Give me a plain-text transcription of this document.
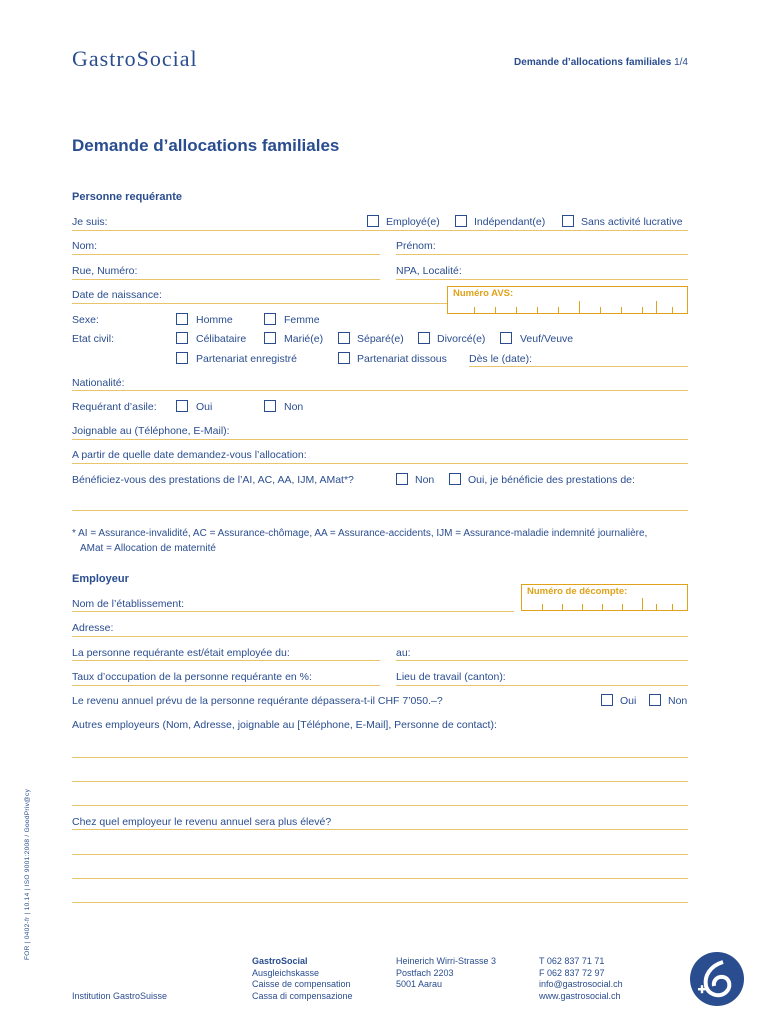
GastroSocial	Demande d’allocations familiales 1/4
Demande d’allocations familiales
Personne requérante
Je suis:	Employé(e)	Indépendant(e)	Sans activité lucrative
Nom:	Prénom:
Rue, Numéro:	NPA, Localité:
Date de naissance:	Numéro AVS:
Sexe:	Homme	Femme
Etat civil:	Célibataire	Marié(e)	Séparé(e)	Divorcé(e)	Veuf/Veuve
Partenariat enregistré	Partenariat dissous Dès le (date):
Nationalité:
Requérant d’asile:	Oui	Non
Joignable au (Téléphone, E-Mail):
A partir de quelle date demandez-vous l’allocation:
Bénéficiez-vous des prestations de l’AI, AC, AA, IJM, AMat*?	Non	Oui, je bénéficie des prestations de:
* AI = Assurance-invalidité, AC = Assurance-chômage, AA = Assurance-accidents, IJM = Assurance-maladie indemnité journalière,
AMat = Allocation de maternité
Employeur
Numéro de décompte:
Nom de l’établissement:
Adresse:
La personne requérante est/était employée du:	au:
Taux d’occupation de la personne requérante en %:	Lieu de travail (canton):
Le revenu annuel prévu de la personne requérante dépassera-t-il CHF 7’050.–?	Oui	Non
Autres employeurs (Nom, Adresse, joignable au [Téléphone, E-Mail], Personne de contact):
Chez quel employeur le revenu annuel sera plus élevé?
FOR | 0402-fr | 10.14 | ISO 9001:2008 / GoodPriv@cy
Institution GastroSuisse
GastroSocial
Ausgleichskasse
Caisse de compensation
Cassa di compensazione
Heinerich Wirri-Strasse 3
Postfach 2203
5001 Aarau
T 062 837 71 71
F 062 837 72 97
info@gastrosocial.ch
www.gastrosocial.ch
